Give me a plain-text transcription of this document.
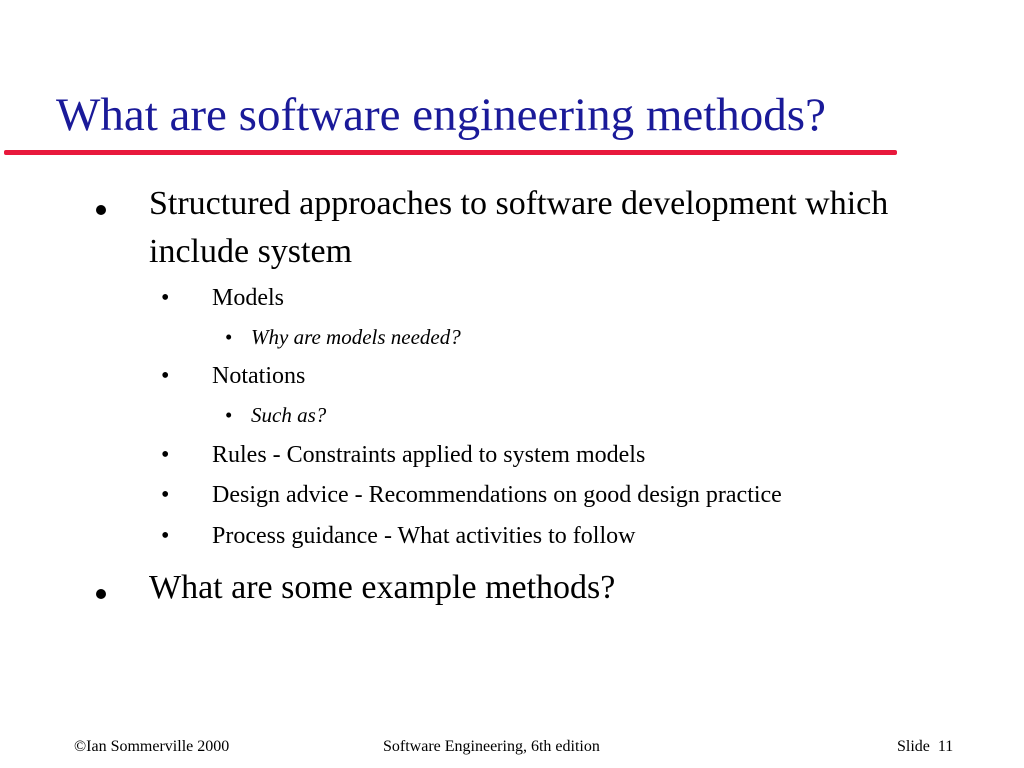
What are software engineering methods?

Structured approaches to software development which include system

• Models

• Why are models needed?

• Notations

• Such as?

• Rules - Constraints applied to system models

• Design advice - Recommendations on good design practice

• Process guidance - What activities to follow

What are some example methods?

©Ian Sommerville 2000	Software Engineering, 6th edition	Slide  11
